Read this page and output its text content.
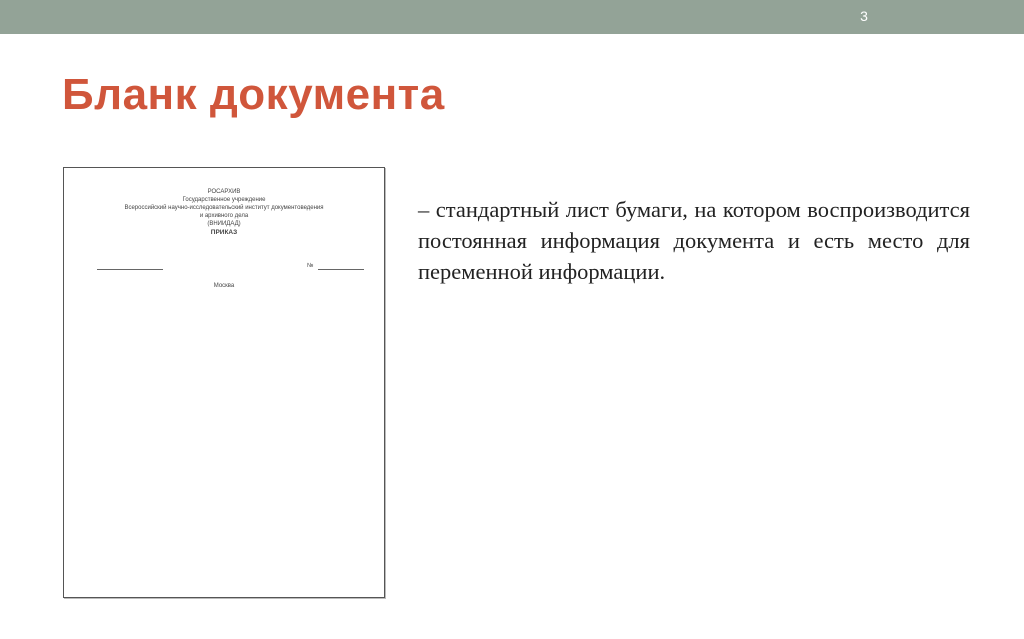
3
Бланк документа
РОСАРХИВ
Государственное учреждение
Всероссийский научно-исследовательский институт документоведения
и архивного дела
(ВНИИДАД)
ПРИКАЗ
№
Москва

– стандартный лист бумаги, на котором воспроизводится постоянная информация документа и есть место для переменной информации.
